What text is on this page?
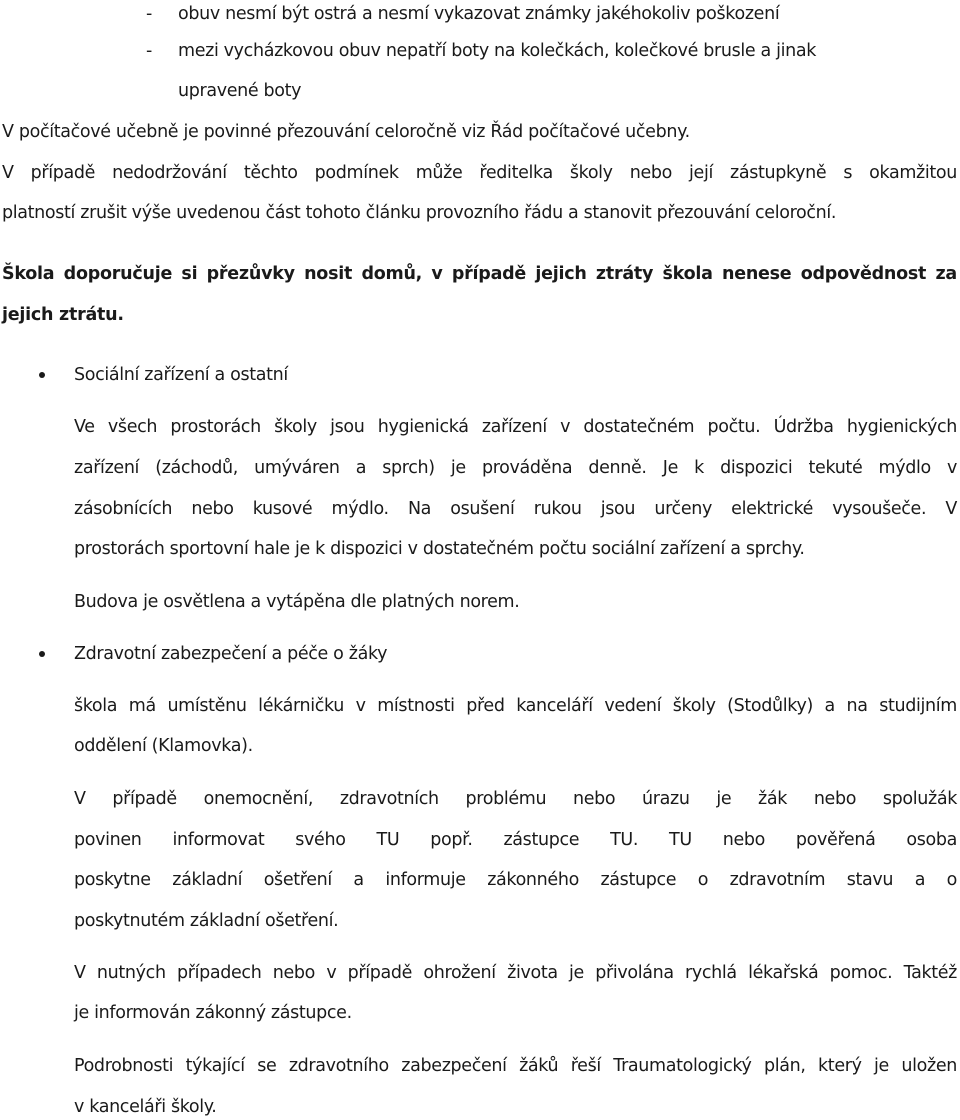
- obuv nesmí být ostrá a nesmí vykazovat známky jakéhokoliv poškození
- mezi vycházkovou obuv nepatří boty na kolečkách, kolečkové brusle a jinak
upravené boty
V počítačové učebně je povinné přezouvání celoročně viz Řád počítačové učebny.
V případě nedodržování těchto podmínek může ředitelka školy nebo její zástupkyně s okamžitou
platností zrušit výše uvedenou část tohoto článku provozního řádu a stanovit přezouvání celoroční.
Škola doporučuje si přezůvky nosit domů, v případě jejich ztráty škola nenese odpovědnost za
jejich ztrátu.
Sociální zařízení a ostatní
Ve všech prostorách školy jsou hygienická zařízení v dostatečném počtu. Údržba hygienických
zařízení (záchodů, umýváren a sprch) je prováděna denně. Je k dispozici tekuté mýdlo v
zásobnících nebo kusové mýdlo. Na osušení rukou jsou určeny elektrické vysoušeče. V
prostorách sportovní hale je k dispozici v dostatečném počtu sociální zařízení a sprchy.
Budova je osvětlena a vytápěna dle platných norem.
Zdravotní zabezpečení a péče o žáky
škola má umístěnu lékárničku v místnosti před kanceláří vedení školy (Stodůlky) a na studijním
oddělení (Klamovka).
V případě onemocnění, zdravotních problému nebo úrazu je žák nebo spolužák
povinen informovat svého TU popř. zástupce TU. TU nebo pověřená osoba
poskytne základní ošetření a informuje zákonného zástupce o zdravotním stavu a o
poskytnutém základní ošetření.
V nutných případech nebo v případě ohrožení života je přivolána rychlá lékařská pomoc. Taktéž
je informován zákonný zástupce.
Podrobnosti týkající se zdravotního zabezpečení žáků řeší Traumatologický plán, který je uložen
v kanceláři školy.
